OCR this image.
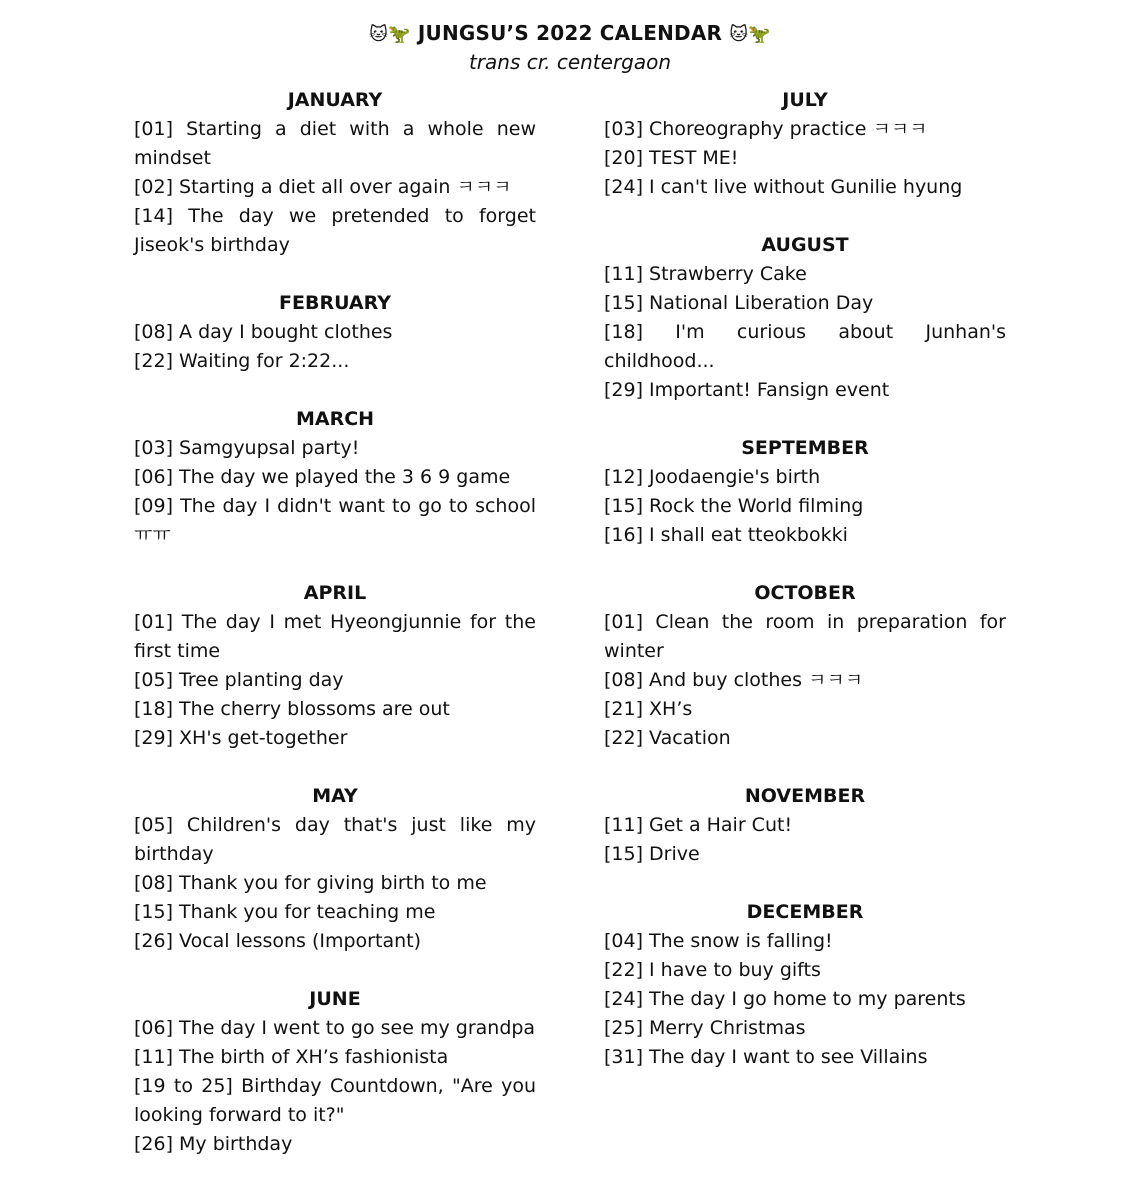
🐱🦖 JUNGSU’S 2022 CALENDAR 🐱🦖
trans cr. centergaon
JANUARY
[01] Starting a diet with a whole new mindset
[02] Starting a diet all over again ㅋㅋㅋ
[14] The day we pretended to forget Jiseok's birthday
FEBRUARY
[08] A day I bought clothes
[22] Waiting for 2:22...
MARCH
[03] Samgyupsal party!
[06] The day we played the 3 6 9 game
[09] The day I didn't want to go to school ㅠㅠ
APRIL
[01] The day I met Hyeongjunnie for the first time
[05] Tree planting day
[18] The cherry blossoms are out
[29] XH's get-together
MAY
[05] Children's day that's just like my birthday
[08] Thank you for giving birth to me
[15] Thank you for teaching me
[26] Vocal lessons (Important)
JUNE
[06] The day I went to go see my grandpa
[11] The birth of XH’s fashionista
[19 to 25] Birthday Countdown, "Are you looking forward to it?"
[26] My birthday
JULY
[03] Choreography practice ㅋㅋㅋ
[20] TEST ME!
[24] I can't live without Gunilie hyung
AUGUST
[11] Strawberry Cake
[15] National Liberation Day
[18] I'm curious about Junhan's childhood...
[29] Important! Fansign event
SEPTEMBER
[12] Joodaengie's birth
[15] Rock the World filming
[16] I shall eat tteokbokki
OCTOBER
[01] Clean the room in preparation for winter
[08] And buy clothes ㅋㅋㅋ
[21] XH’s
[22] Vacation
NOVEMBER
[11] Get a Hair Cut!
[15] Drive
DECEMBER
[04] The snow is falling!
[22] I have to buy gifts
[24] The day I go home to my parents
[25] Merry Christmas
[31] The day I want to see Villains
